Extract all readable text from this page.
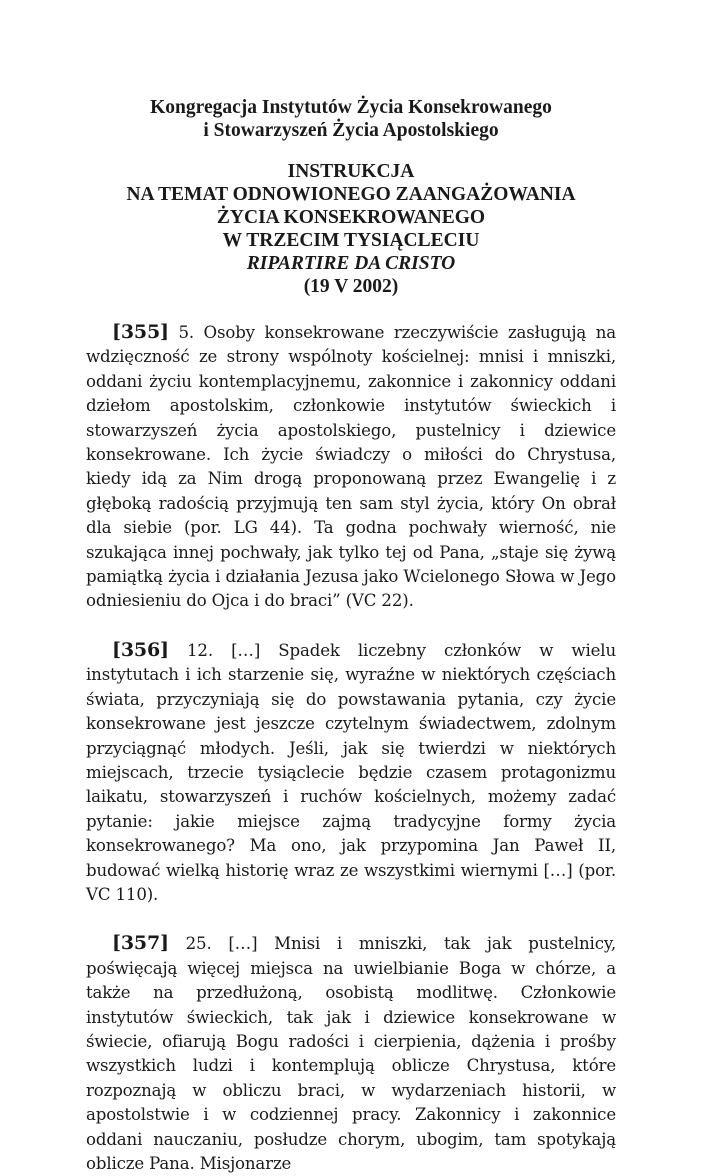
Kongregacja Instytutów Życia Konsekrowanego
i Stowarzyszeń Życia Apostolskiego
INSTRUKCJA
NA TEMAT ODNOWIONEGO ZAANGAŻOWANIA
ŻYCIA KONSEKROWANEGO
W TRZECIM TYSIĄCLECIU
RIPARTIRE DA CRISTO
(19 V 2002)

[355] 5. Osoby konsekrowane rzeczywiście zasługują na wdzięczność ze strony wspólnoty kościelnej: mnisi i mniszki, oddani życiu kontemplacyjnemu, zakonnice i zakonnicy oddani dziełom apostolskim, członkowie instytutów świeckich i stowarzyszeń życia apostolskiego, pustelnicy i dziewice konsekrowane. Ich życie świadczy o miłości do Chrystusa, kiedy idą za Nim drogą proponowaną przez Ewangelię i z głęboką radością przyjmują ten sam styl życia, który On obrał dla siebie (por. LG 44). Ta godna pochwały wierność, nie szukająca innej pochwały, jak tylko tej od Pana, „staje się żywą pamiątką życia i działania Jezusa jako Wcielonego Słowa w Jego odniesieniu do Ojca i do braci” (VC 22).

[356] 12. […] Spadek liczebny członków w wielu instytutach i ich starzenie się, wyraźne w niektórych częściach świata, przyczyniają się do powstawania pytania, czy życie konsekrowane jest jeszcze czytelnym świadectwem, zdolnym przyciągnąć młodych. Jeśli, jak się twierdzi w niektórych miejscach, trzecie tysiąclecie będzie czasem protagonizmu laikatu, stowarzyszeń i ruchów kościelnych, możemy zadać pytanie: jakie miejsce zajmą tradycyjne formy życia konsekrowanego? Ma ono, jak przypomina Jan Paweł II, budować wielką historię wraz ze wszystkimi wiernymi […] (por. VC 110).

[357] 25. […] Mnisi i mniszki, tak jak pustelnicy, poświęcają więcej miejsca na uwielbianie Boga w chórze, a także na przedłużoną, osobistą modlitwę. Członkowie instytutów świeckich, tak jak i dziewice konsekrowane w świecie, ofiarują Bogu radości i cierpienia, dążenia i prośby wszystkich ludzi i kontemplują oblicze Chrystusa, które rozpoznają w obliczu braci, w wydarzeniach historii, w apostolstwie i w codziennej pracy. Zakonnicy i zakonnice oddani nauczaniu, posłudze chorym, ubogim, tam spotykają oblicze Pana. Misjonarze
